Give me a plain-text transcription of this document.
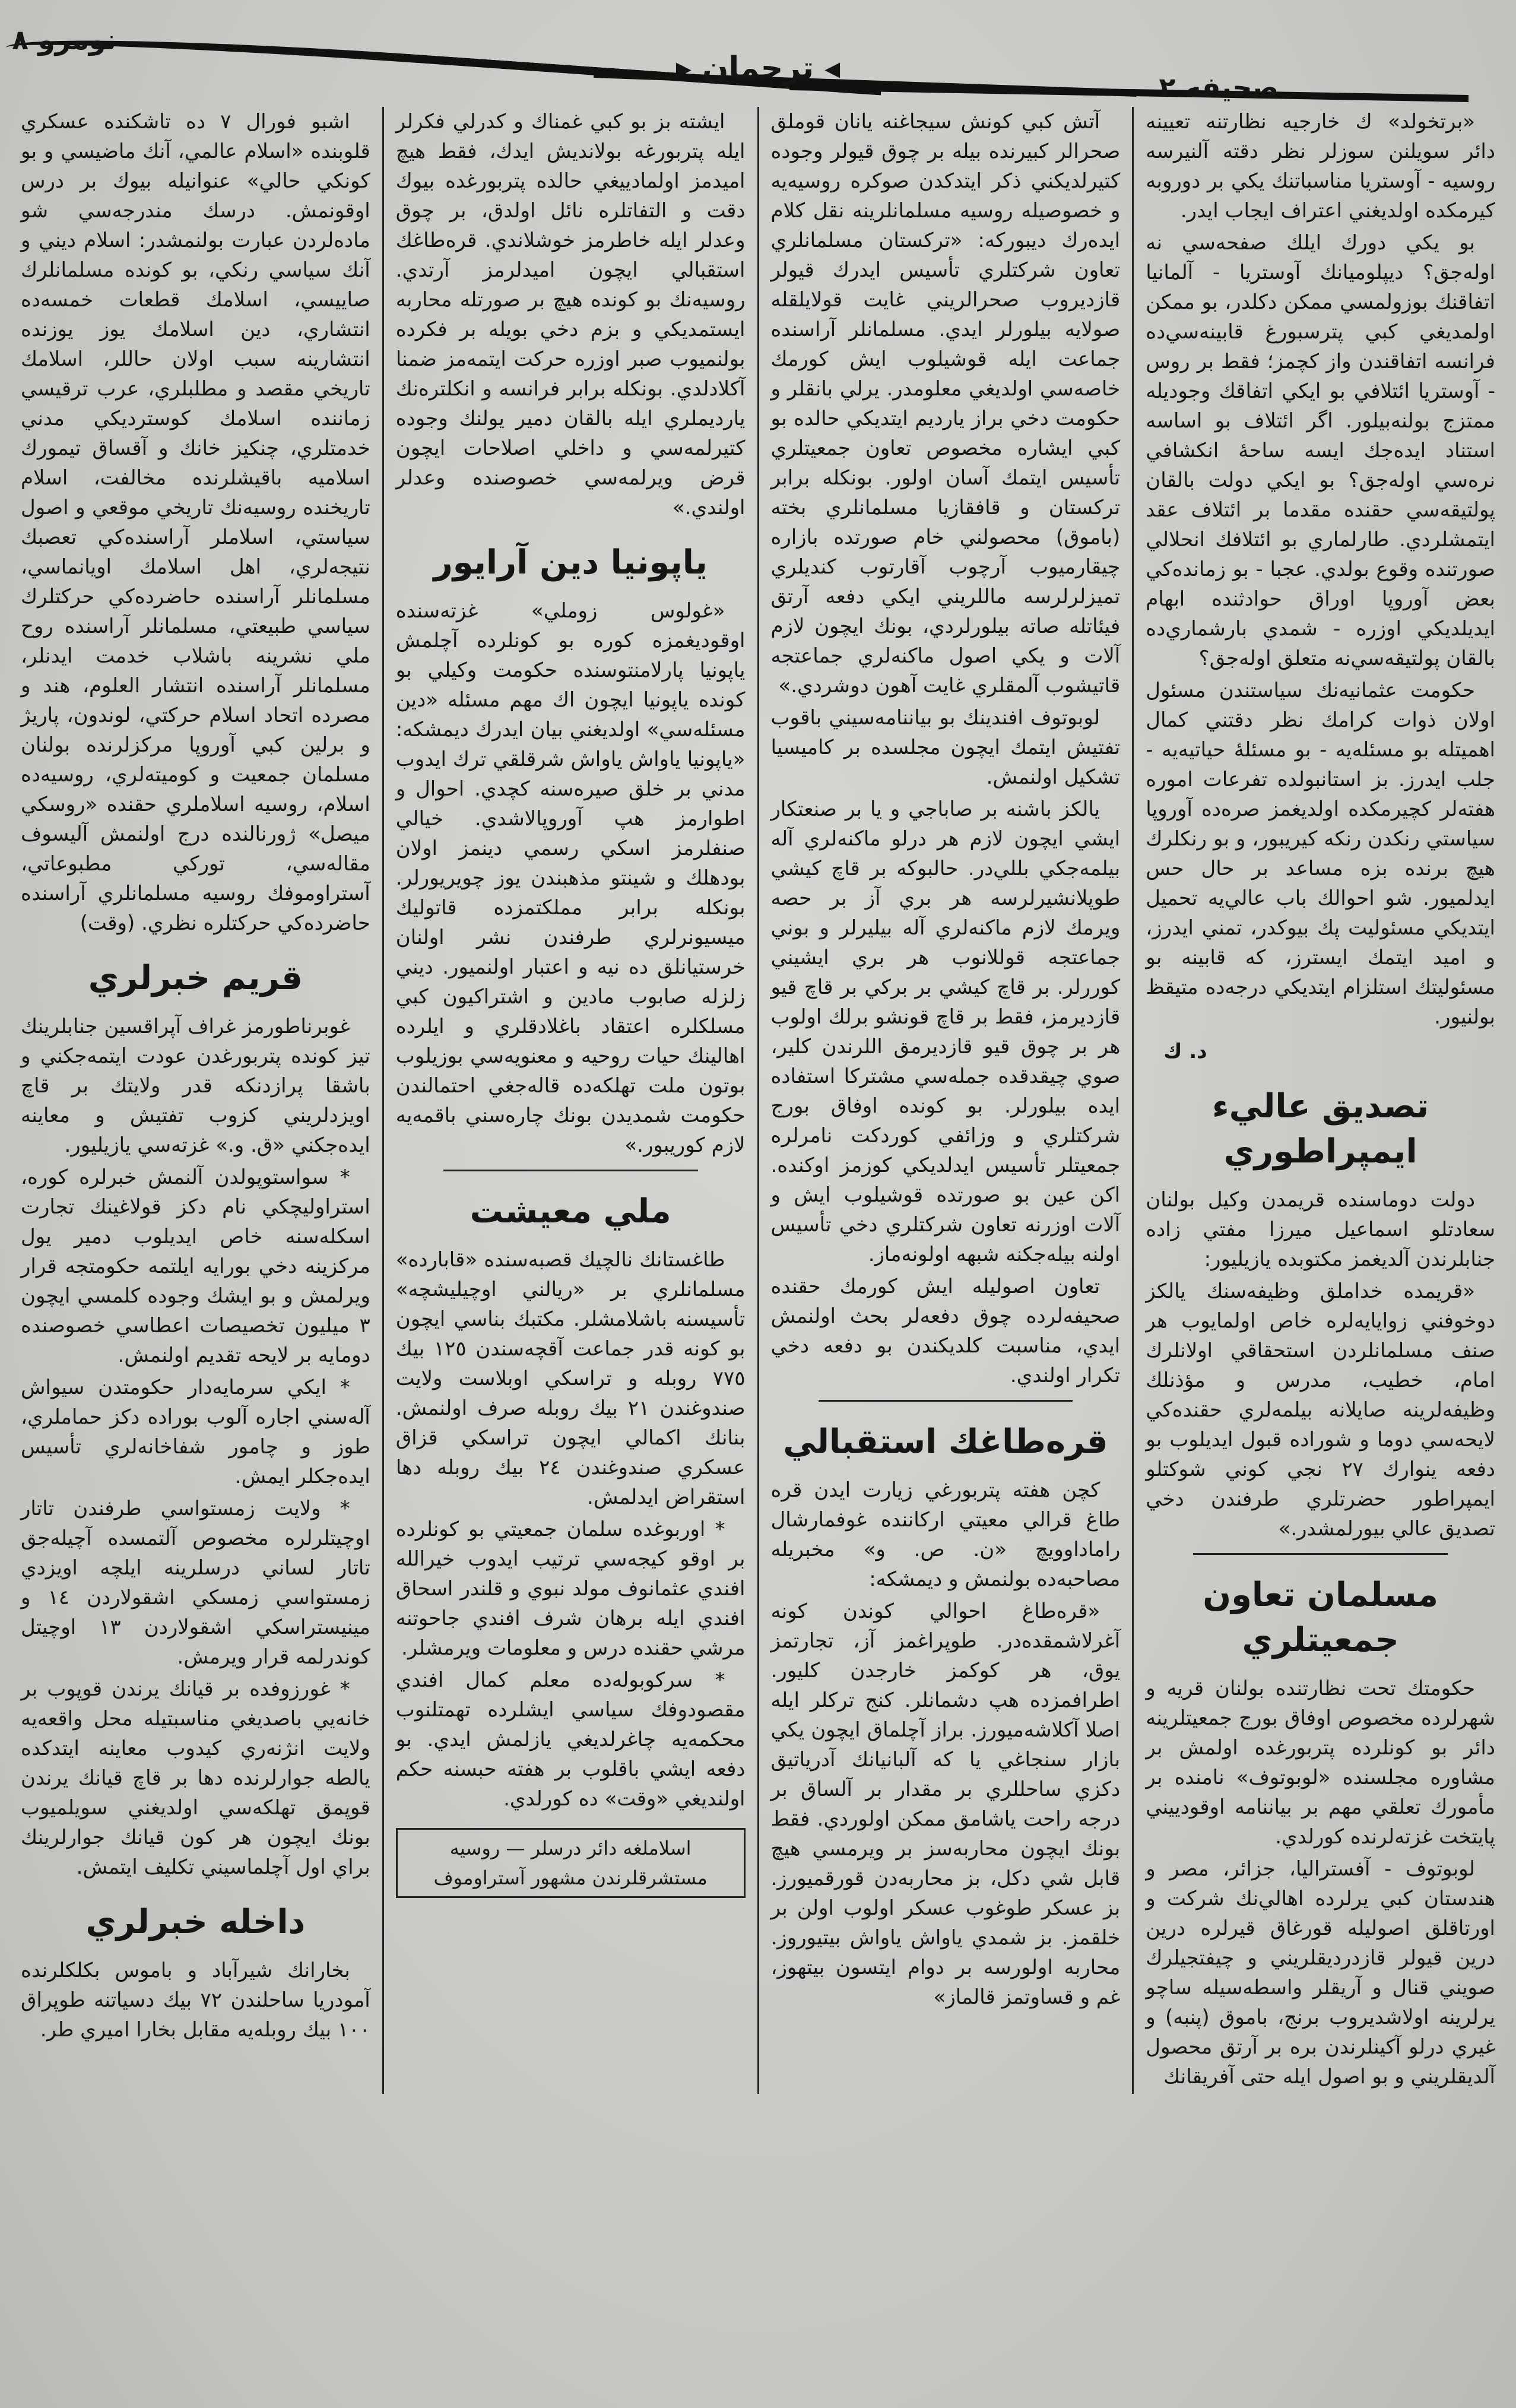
نومرو ٨
◂ ترجمان ▸
صحيفه ٢

«برتخولد» ك خارجيه نظارتنه تعيينه دائر سويلنن سوزلر نظر دقته آلنيرسه روسيه - آوستريا مناسباتنك يكي بر دوروبه كيرمكده اولديغني اعتراف ايجاب ايدر.

بو يكي دورك ايلك صفحه‌سي نه اوله‌جق؟ ديپلوميانك آوستريا - آلمانيا اتفاقنك بوزولمسي ممكن دكلدر، بو ممكن اولمديغي كبي پترسبورغ قابينه‌سي‌ده فرانسه اتفاقندن واز كچمز؛ فقط بر روس - آوستريا ائتلافي بو ايكي اتفاقك وجوديله ممتزج بولنه‌بيلور. اگر ائتلاف بو اساسه استناد ايده‌جك ايسه ساحهٔ انكشافي نره‌سي اوله‌جق؟ بو ايكي دولت بالقان پولتيقه‌سي حقنده مقدما بر ائتلاف عقد ايتمشلردي. طارلماري بو ائتلافك انحلالي صورتنده وقوع بولدي. عجبا - بو زمانده‌كي بعض آوروپا اوراق حوادثنده ابهام ايديلديكي اوزره - شمدي بارشماري‌ده بالقان پولتيقه‌سي‌نه متعلق اوله‌جق؟

حكومت عثمانيه‌نك سياستندن مسئول اولان ذوات كرامك نظر دقتني كمال اهميتله بو مسئله‌يه - بو مسئلهٔ حياتيه‌يه - جلب ايدرز. بز استانبولده تفرعات اموره هفته‌لر كچيرمكده اولديغمز صره‌ده آوروپا سياستي رنكدن رنكه كيريبور، و بو رنكلرك هيچ برنده بزه مساعد بر حال حس ايدلميور. شو احوالك باب عالي‌يه تحميل ايتديكي مسئوليت پك بيوكدر، تمني ايدرز، و اميد ايتمك ايسترز، كه قابينه بو مسئوليتك استلزام ايتديكي درجه‌ده متيقظ بولنيور.

د. ك

تصديق عاليء ايمپراطوري

دولت دوماسنده قريمدن وكيل بولنان سعادتلو اسماعيل ميرزا مفتي زاده جنابلرندن آلديغمز مكتوبده يازيليور:

«قريمده خداملق وظيفه‌سنك يالكز دوخوفني زوايايه‌لره خاص اولمايوب هر صنف مسلمانلردن استحقاقي اولانلرك امام، خطيب، مدرس و مؤذنلك وظيفه‌لرينه صايلانه بيلمه‌لري حقنده‌كي لايحه‌سي دوما و شوراده قبول ايديلوب بو دفعه ينوارك ٢٧ نجي كوني شوكتلو ايمپراطور حضرتلري طرفندن دخي تصديق عالي بيورلمشدر.»

مسلمان تعاون جمعيتلري

حكومتك تحت نظارتنده بولنان قريه و شهرلرده مخصوص اوفاق بورج جمعيتلرينه دائر بو كونلرده پتربورغده اولمش بر مشاوره مجلسنده «لوبوتوف» نامنده بر مأمورك تعلقي مهم بر بياننامه اوقودييني پايتخت غزته‌لرنده كورلدي.

لوبوتوف - آفستراليا، جزائر، مصر و هندستان كبي يرلرده اهالي‌نك شركت و اورتاقلق اصوليله قورغاق قيرلره درين درين قيولر قازدرديقلريني و چيفتجيلرك صويني قنال و آريقلر واسطه‌سيله ساچو يرلرينه اولاشديروب برنج، باموق (پنبه) و غيري درلو آكينلرندن بره بر آرتق محصول آلديقلريني و بو اصول ايله حتى آفريقانك

آتش كبي كونش سيجاغنه يانان قوملق صحرالر كبيرنده بيله بر چوق قيولر وجوده كتيرلديكني ذكر ايتدكدن صوكره روسيه‌يه و خصوصيله روسيه مسلمانلرينه نقل كلام ايده‌رك ديبوركه: «تركستان مسلمانلري تعاون شركتلري تأسيس ايدرك قيولر قازديروب صحرالريني غايت قولايلقله صولايه بيلورلر ايدي. مسلمانلر آراسنده جماعت ايله قوشيلوب ايش كورمك خاصه‌سي اولديغي معلومدر. يرلي بانقلر و حكومت دخي براز يارديم ايتديكي حالده بو كبي ايشاره مخصوص تعاون جمعيتلري تأسيس ايتمك آسان اولور. بونكله برابر تركستان و قافقازيا مسلمانلري بخته (باموق) محصولني خام صورتده بازاره چيقارميوب آرچوب آقارتوب كنديلري تميزلرلرسه ماللريني ايكي دفعه آرتق فيئاتله صاته بيلورلردي، بونك ايچون لازم آلات و يكي اصول ماكنه‌لري جماعتجه قاتيشوب آلمقلري غايت آهون دوشردي.»

لوبوتوف افندينك بو بياننامه‌سيني باقوب تفتيش ايتمك ايچون مجلسده بر كاميسيا تشكيل اولنمش.

يالكز باشنه بر صاباجي و يا بر صنعتكار ايشي ايچون لازم هر درلو ماكنه‌لري آله بيلمه‌جكي بللي‌در. حالبوكه بر قاچ كيشي طوپلانشيرلرسه هر بري آز بر حصه ويرمك لازم ماكنه‌لري آله بيليرلر و بوني جماعتجه قوللانوب هر بري ايشيني كوررلر. بر قاچ كيشي بر بركي بر قاچ قيو قازديرمز، فقط بر قاچ قونشو برلك اولوب هر بر چوق قيو قازديرمق اللرندن كلير، صوي چيقدقده جمله‌سي مشتركا استفاده ايده بيلورلر. بو كونده اوفاق بورج شركتلري و وزائفي كوردكت نامرلره جمعيتلر تأسيس ايدلديكي كوزمز اوكنده. اكن عين بو صورتده قوشيلوب ايش و آلات اوزرنه تعاون شركتلري دخي تأسيس اولنه بيله‌جكنه شبهه اولونه‌ماز.

تعاون اصوليله ايش كورمك حقنده صحيفه‌لرده چوق دفعه‌لر بحث اولنمش ايدي، مناسبت كلديكندن بو دفعه دخي تكرار اولندي.

قره‌طاغك استقبالي

كچن هفته پتربورغي زيارت ايدن قره طاغ قرالي معيتي اركاننده غوفمارشال راماداوويچ «ن. ص. و» مخبريله مصاحبه‌ده بولنمش و ديمشكه:

«قره‌طاغ احوالي كوندن كونه آغرلاشمقده‌در. طوپراغمز آز، تجارتمز يوق، هر كوكمز خارجدن كليور. اطرافمزده هپ دشمانلر. كنج تركلر ايله اصلا آكلاشه‌ميورز. براز آچلماق ايچون يكي بازار سنجاغي يا كه آلبانيانك آدرياتيق دكزي ساحللري بر مقدار بر آلساق بر درجه راحت ياشامق ممكن اولوردي. فقط بونك ايچون محاربه‌سز بر ويرمسي هيچ قابل شي دكل، بز محاربه‌دن قورقميورز. بز عسكر طوغوب عسكر اولوب اولن بر خلقمز. بز شمدي ياواش ياواش بيتيوروز. محاربه اولورسه بر دوام ايتسون بيتهوز، غم و قساوتمز قالماز»

ايشته بز بو كبي غمناك و كدرلي فكرلر ايله پتربورغه بولانديش ايدك، فقط هيچ اميدمز اولمادييغي حالده پتربورغده بيوك دقت و التفاتلره نائل اولدق، بر چوق وعدلر ايله خاطرمز خوشلاندي. قره‌طاغك استقبالي ايچون اميدلرمز آرتدي. روسيه‌نك بو كونده هيچ بر صورتله محاربه ايستمديكي و بزم دخي بويله بر فكرده بولنميوب صبر اوزره حركت ايتمه‌مز ضمنا آكلادلدي. بونكله برابر فرانسه و انكلتره‌نك يارديملري ايله بالقان دمير يولنك وجوده كتيرلمه‌سي و داخلي اصلاحات ايچون قرض ويرلمه‌سي خصوصنده وعدلر اولندي.»

ياپونيا دين آرايور

«غولوس زوملي» غزته‌سنده اوقوديغمزه كوره بو كونلرده آچلمش ياپونيا پارلامنتوسنده حكومت وكيلي بو كونده ياپونيا ايچون اك مهم مسئله «دين مسئله‌سي» اولديغني بيان ايدرك ديمشكه: «ياپونيا ياواش ياواش شرقلقي ترك ايدوب مدني بر خلق صيره‌سنه كچدي. احوال و اطوارمز هپ آوروپالاشدي. خيالي صنفلرمز اسكي رسمي دينمز اولان بودهلك و شينتو مذهبندن يوز چويريورلر. بونكله برابر مملكتمزده قاتوليك ميسيونرلري طرفندن نشر اولنان خرستيانلق ده نيه و اعتبار اولنميور. ديني زلزله صابوب مادين و اشتراكيون كبي مسلكلره اعتقاد باغلادقلري و ايلرده اهالينك حيات روحيه و معنويه‌سي بوزيلوب بوتون ملت تهلكه‌ده قاله‌جغي احتمالندن حكومت شمديدن بونك چاره‌سني باقمه‌يه لازم كوريبور.»

ملي معيشت

طاغستانك نالچيك قصبه‌سنده «قابارده» مسلمانلري بر «ريالني اوچيليشچه» تأسيسنه باشلامشلر. مكتبك بناسي ايچون بو كونه قدر جماعت آقچه‌سندن ١٢٥ بيك ٧٧٥ روبله و تراسكي اوبلاست ولايت صندوغندن ٢١ بيك روبله صرف اولنمش. بنانك اكمالي ايچون تراسكي قزاق عسكري صندوغندن ٢٤ بيك روبله دها استقراض ايدلمش.

* اوربوغده سلمان جمعيتي بو كونلرده بر اوقو كيجه‌سي ترتيب ايدوب خيرالله افندي عثمانوف مولد نبوي و قلندر اسحاق افندي ايله برهان شرف افندي جاحوتنه مرشي حقنده درس و معلومات ويرمشلر.

* سركوبوله‌ده معلم كمال افندي مقصودوفك سياسي ايشلرده تهمتلنوب محكمه‌يه چاغرلديغي يازلمش ايدي. بو دفعه ايشي باقلوب بر هفته حبسنه حكم اولنديغي «وقت» ده كورلدي.

اسلاملغه دائر درسلر — روسيه مستشرقلرندن مشهور آستراوموف

اشبو فورال ٧ ده تاشكنده عسكري قلوبنده «اسلام عالمي، آنك ماضيسي و بو كونكي حالي» عنوانيله بيوك بر درس اوقونمش. درسك مندرجه‌سي شو ماده‌لردن عبارت بولنمشدر: اسلام ديني و آنك سياسي رنكي، بو كونده مسلمانلرك صاييسي، اسلامك قطعات خمسه‌ده انتشاري، دين اسلامك يوز يوزنده انتشارينه سبب اولان حاللر، اسلامك تاريخي مقصد و مطلبلري، عرب ترقيسي زماننده اسلامك كوسترديكي مدني خدمتلري، چنكيز خانك و آقساق تيمورك اسلاميه باقيشلرنده مخالفت، اسلام تاريخنده روسيه‌نك تاريخي موقعي و اصول سياستي، اسلاملر آراسنده‌كي تعصبك نتيجه‌لري، اهل اسلامك اويانماسي، مسلمانلر آراسنده حاضرده‌كي حركتلرك سياسي طبيعتي، مسلمانلر آراسنده روح ملي نشرينه باشلاب خدمت ايدنلر، مسلمانلر آراسنده انتشار العلوم، هند و مصرده اتحاد اسلام حركتي، لوندون، پاريژ و برلين كبي آوروپا مركزلرنده بولنان مسلمان جمعيت و كوميته‌لري، روسيه‌ده اسلام، روسيه اسلاملري حقنده «روسكي ميصل» ژورنالنده درج اولنمش آليسوف مقاله‌سي، توركي مطبوعاتي، آستراوموفك روسيه مسلمانلري آراسنده حاضرده‌كي حركتلره نظري. (وقت)

قريم خبرلري

غوبرناطورمز غراف آپراقسين جنابلرينك تيز كونده پتربورغدن عودت ايتمه‌جكني و باشقا پرازدنكه قدر ولايتك بر قاچ اويزدلريني كزوب تفتيش و معاينه ايده‌جكني «ق. و.» غزته‌سي يازيليور.

* سواستوپولدن آلنمش خبرلره كوره، استراوليچكي نام دكز قولاغينك تجارت اسكله‌سنه خاص ايديلوب دمير يول مركزينه دخي بورايه ايلتمه حكومتجه قرار ويرلمش و بو ايشك وجوده كلمسي ايچون ٣ ميليون تخصيصات اعطاسي خصوصنده دومايه بر لايحه تقديم اولنمش.

* ايكي سرمايه‌دار حكومتدن سيواش آله‌سني اجاره آلوب بوراده دكز حماملري، طوز و چامور شفاخانه‌لري تأسيس ايده‌جكلر ايمش.

* ولايت زمستواسي طرفندن تاتار اوچيتلرلره مخصوص آلتمسده آچيله‌جق تاتار لساني درسلرينه ايلچه اويزدي زمستواسي زمسكي اشقولاردن ١٤ و مينيستراسكي اشقولاردن ١٣ اوچيتل كوندرلمه قرار ويرمش.

* غورزوفده بر قيانك يرندن قوپوب بر خانه‌يي باصديغي مناسبتيله محل واقعه‌يه ولايت انژنه‌ري كيدوب معاينه ايتدكده يالطه جوارلرنده دها بر قاچ قيانك يرندن قوپمق تهلكه‌سي اولديغني سويلميوب بونك ايچون هر كون قيانك جوارلرينك براي اول آچلماسيني تكليف ايتمش.

داخله خبرلري

بخارانك شيرآباد و باموس بكلكلرنده آمودريا ساحلندن ٧٢ بيك دسياتنه طوپراق ١٠٠ بيك روبله‌يه مقابل بخارا اميري طر.
